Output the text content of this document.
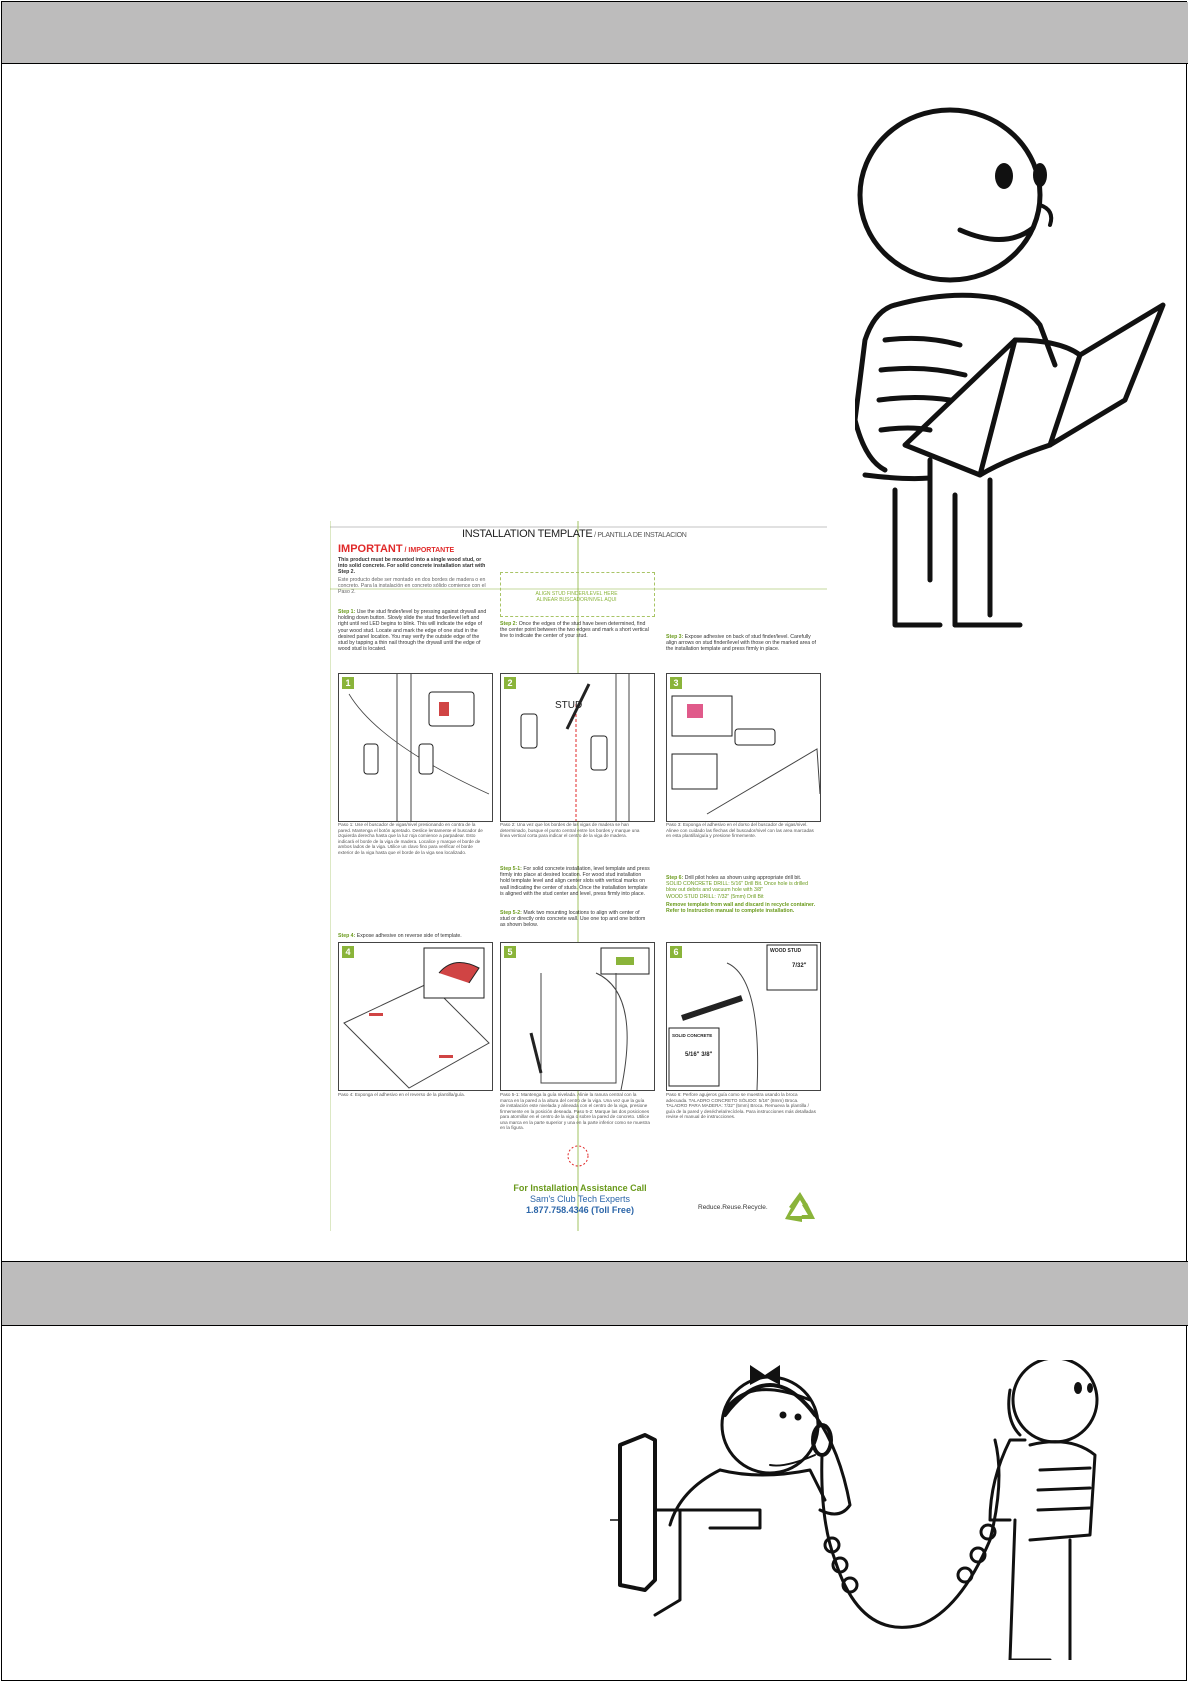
INSTALLATION TEMPLATE / PLANTILLA DE INSTALACION
IMPORTANT / IMPORTANTE
This product must be mounted into a single wood stud, or into solid concrete. For solid concrete installation start with Step 2.
Este producto debe ser montado en dos bordes de madera o en concreto. Para la instalación en concreto sólido comience con el Paso 2.	ALIGN STUD FINDER/LEVEL HERE
ALINEAR BUSCADOR/NIVEL AQUI
Step 1: Use the stud finder/level by pressing against drywall and holding down button. Slowly slide the stud finder/level left and right until red LED begins to blink. This will indicate the edge of your wood stud. Locate and mark the edge of one stud in the desired panel location. You may verify the outside edge of the stud by tapping a thin nail through the drywall until the edge of wood stud is located.
Step 2: Once the edges of the stud have been determined, find the center point between the two edges and mark a short vertical line to indicate the center of your stud.	Step 3: Expose adhesive on back of stud finder/level. Carefully align arrows on stud finder/level with those on the marked area of the installation template and press firmly in place.
1	2
STUD
3
Paso 1: Use el buscador de vigas/nivel presionando en contra de la pared. Mantenga el botón apretado. Deslice lentamente el buscador de izquierda derecha hasta que la luz roja comience a parpadear. Esto indicará el borde de la viga de madera. Localice y marque el borde de ambos lados de la viga. Utilice un clavo fino para verificar el borde exterior de la viga hasta que el borde de la viga sea localizado.
Paso 2: Una vez que los bordes de las vigas de madera se han determinado, busque el punto central entre los bordes y marque una línea vertical corta para indicar el centro de la viga de madera.
Paso 3: Exponga el adhesivo en el dorso del buscador de vigas/nivel. Alinee con cuidado las flechas del buscador/nivel con las area marcadas en esta plantilla/guía y presione firmemente.
Step 5-1: For solid concrete installation, level template and press firmly into place at desired location. For wood stud installation hold template level and align center slots with vertical marks on wall indicating the center of studs. Once the installation template is aligned with the stud center and level, press firmly into place.
Step 5-2: Mark two mounting locations to align with center of stud or directly onto concrete wall. Use one top and one bottom as shown below.
Step 6: Drill pilot holes as shown using appropriate drill bit.
SOLID CONCRETE DRILL: 5/16" Drill Bit. Once hole is drilled blow out debris and vacuum hole with 3/8"
WOOD STUD DRILL: 7/32" (5mm) Drill Bit
Remove template from wall and discard in recycle container. Refer to Instruction manual to complete installation.
Step 4: Expose adhesive on reverse side of template.
4	5	6	WOOD STUD
7/32"
SOLID CONCRETE
5/16" 3/8"
Paso 4: Exponga el adhesivo en el reverso de la plantilla/guía.	Paso 5-1: Mantenga la guía nivelada. Alinie la ranura central con la marca en la pared a la altura del centro de la viga. Una vez que la guía de instalación este nivelada y alineada con el centro de la viga, presione firmemente en la posición deseada. Paso 5-2: Marque las dos posiciones para atornillar en el centro de la viga o sobre la pared de concreto. Utilice una marca en la parte superior y una en la parte inferior como se muestra en la figura.
Paso 6: Perfore agujeros guía como se muestra usando la broca adecuada. TALADRO CONCRETO SÓLIDO: 5/16" (8mm) Broca. TALADRO PARA MADERA: 7/32" (5mm) Broca. Remueva la plantilla / guía de la pared y deséchela/recíclela. Para instrucciones más detalladas revise el manual de instrucciones.
For Installation Assistance Call
Sam's Club Tech Experts
1.877.758.4346 (Toll Free)	Reduce.Reuse.Recycle.
